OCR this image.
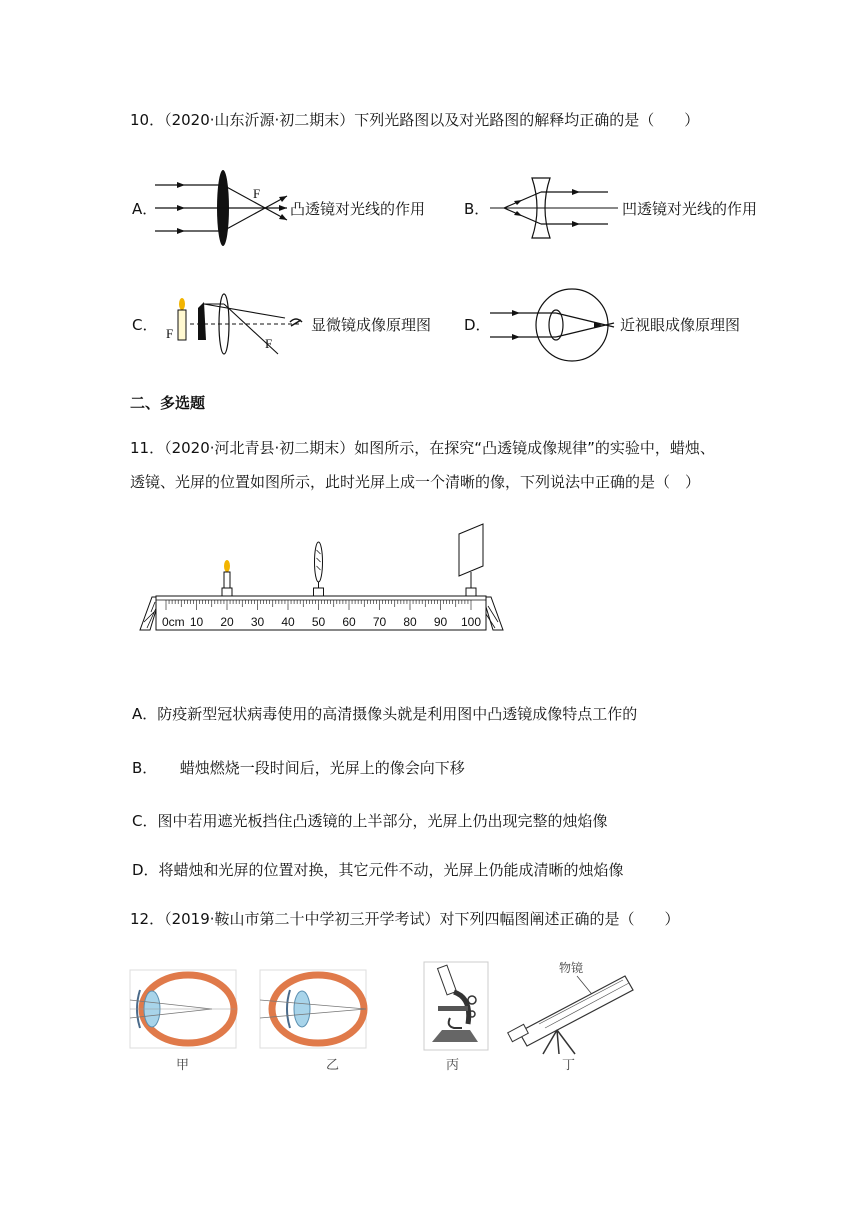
10．（2020·山东沂源·初二期末）下列光路图以及对光路图的解释均正确的是（　　）
A．
F
凸透镜对光线的作用	B．	凹透镜对光线的作用
C． F
F
显微镜成像原理图 D．	近视眼成像原理图
二、多选题
11．（2020·河北青县·初二期末）如图所示，在探究“凸透镜成像规律”的实验中，蜡烛、
透镜、光屏的位置如图所示，此时光屏上成一个清晰的像，下列说法中正确的是（　）
0cm 10 20 30 40 50 60 70 80 90 100
A．防疫新型冠状病毒使用的高清摄像头就是利用图中凸透镜成像特点工作的
B．　　蜡烛燃烧一段时间后，光屏上的像会向下移
C．图中若用遮光板挡住凸透镜的上半部分，光屏上仍出现完整的烛焰像
D．将蜡烛和光屏的位置对换，其它元件不动，光屏上仍能成清晰的烛焰像
12．（2019·鞍山市第二十中学初三开学考试）对下列四幅图阐述正确的是（　　）
甲	乙	丙
物镜
丁
